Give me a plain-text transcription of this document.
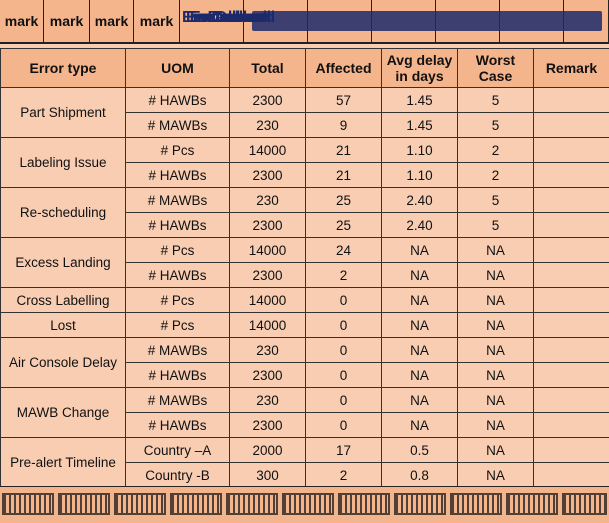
mark mark mark mark Error Dashboard
Error type	UOM	Total	Affected	Avg delay in days	Worst Case	Remark
Part Shipment	# HAWBs	2300	57	1.45	5	
	# MAWBs	230	9	1.45	5	
Labeling Issue	# Pcs	14000	21	1.10	2	
	# HAWBs	2300	21	1.10	2	
Re-scheduling	# MAWBs	230	25	2.40	5	
	# HAWBs	2300	25	2.40	5	
Excess Landing	# Pcs	14000	24	NA	NA	
	# HAWBs	2300	2	NA	NA	
Cross Labelling	# Pcs	14000	0	NA	NA	
Lost	# Pcs	14000	0	NA	NA	
Air Console Delay	# MAWBs	230	0	NA	NA	
	# HAWBs	2300	0	NA	NA	
MAWB Change	# MAWBs	230	0	NA	NA	
	# HAWBs	2300	0	NA	NA	
Pre-alert Timeline	Country –A	2000	17	0.5	NA	
	Country -B	300	2	0.8	NA	
